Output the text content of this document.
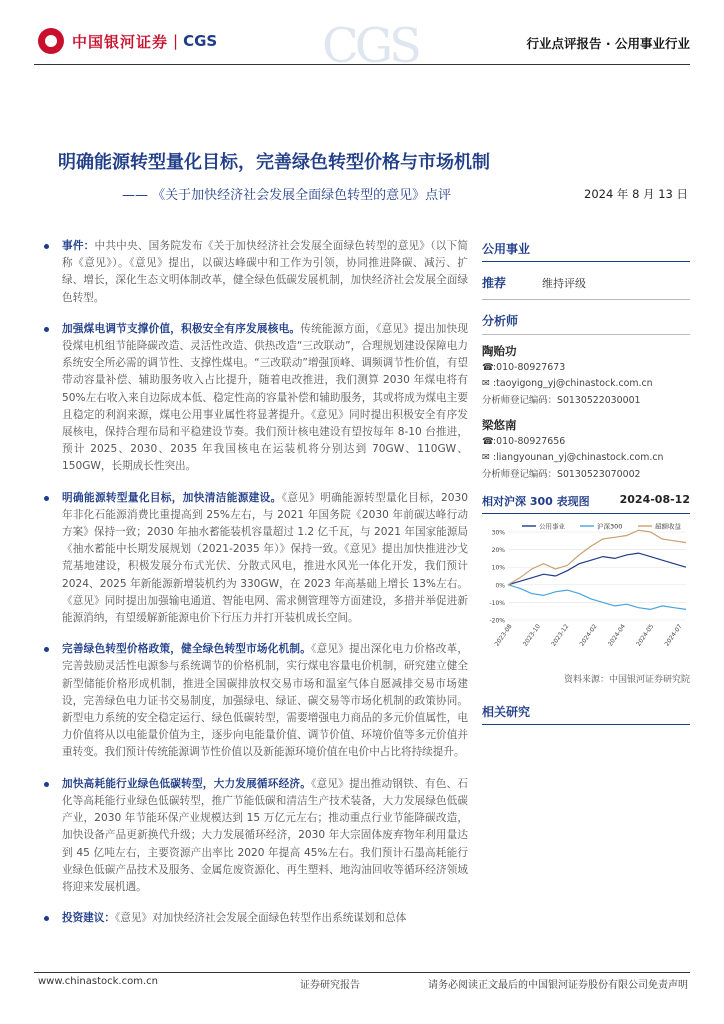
中国银河证券 | CGS CGS	行业点评报告 · 公用事业行业
明确能源转型量化目标，完善绿色转型价格与市场机制
—— 《关于加快经济社会发展全面绿色转型的意见》点评	2024 年 8 月 13 日
事件：中共中央、国务院发布《关于加快经济社会发展全面绿色转型的意见》（以下简称《意见》）。《意见》提出，以碳达峰碳中和工作为引领，协同推进降碳、减污、扩绿、增长，深化生态文明体制改革，健全绿色低碳发展机制，加快经济社会发展全面绿色转型。
加强煤电调节支撑价值，积极安全有序发展核电。传统能源方面，《意见》提出加快现役煤电机组节能降碳改造、灵活性改造、供热改造“三改联动”，合理规划建设保障电力系统安全所必需的调节性、支撑性煤电。“三改联动”增强顶峰、调频调节性价值，有望带动容量补偿、辅助服务收入占比提升，随着电改推进，我们测算 2030 年煤电将有 50%左右收入来自边际成本低、稳定性高的容量补偿和辅助服务，其或将成为煤电主要且稳定的利润来源，煤电公用事业属性将显著提升。《意见》同时提出积极安全有序发展核电，保持合理布局和平稳建设节奏。我们预计核电建设有望按每年 8-10 台推进，预计 2025、2030、2035 年我国核电在运装机将分别达到 70GW、110GW、150GW，长期成长性突出。
明确能源转型量化目标，加快清洁能源建设。《意见》明确能源转型量化目标，2030 年非化石能源消费比重提高到 25%左右，与 2021 年国务院《2030 年前碳达峰行动方案》保持一致；2030 年抽水蓄能装机容量超过 1.2 亿千瓦，与 2021 年国家能源局《抽水蓄能中长期发展规划（2021-2035 年）》保持一致。《意见》提出加快推进沙戈荒基地建设，积极发展分布式光伏、分散式风电，推进水风光一体化开发，我们预计 2024、2025 年新能源新增装机约为 330GW，在 2023 年高基础上增长 13%左右。《意见》同时提出加强输电通道、智能电网、需求侧管理等方面建设，多措并举促进新能源消纳，有望缓解新能源电价下行压力并打开装机成长空间。
完善绿色转型价格政策，健全绿色转型市场化机制。《意见》提出深化电力价格改革，完善鼓励灵活性电源参与系统调节的价格机制，实行煤电容量电价机制，研究建立健全新型储能价格形成机制，推进全国碳排放权交易市场和温室气体自愿减排交易市场建设，完善绿色电力证书交易制度，加强绿电、绿证、碳交易等市场化机制的政策协同。新型电力系统的安全稳定运行、绿色低碳转型，需要增强电力商品的多元价值属性，电力价值将从以电能量价值为主，逐步向电能量价值、调节价值、环境价值等多元价值并重转变。我们预计传统能源调节性价值以及新能源环境价值在电价中占比将持续提升。
加快高耗能行业绿色低碳转型，大力发展循环经济。《意见》提出推动钢铁、有色、石化等高耗能行业绿色低碳转型，推广节能低碳和清洁生产技术装备，大力发展绿色低碳产业，2030 年节能环保产业规模达到 15 万亿元左右；推动重点行业节能降碳改造，加快设备产品更新换代升级；大力发展循环经济，2030 年大宗固体废弃物年利用量达到 45 亿吨左右，主要资源产出率比 2020 年提高 45%左右。我们预计石墨高耗能行业绿色低碳产品技术及服务、金属危废资源化、再生塑料、地沟油回收等循环经济领域将迎来发展机遇。
投资建议：《意见》对加快经济社会发展全面绿色转型作出系统谋划和总体
公用事业
推荐	维持评级
分析师
陶贻功
☎:010-80927673
✉ :taoyigong_yj@chinastock.com.cn
分析师登记编码：S0130522030001
梁悠南
☎:010-80927656
✉ :liangyounan_yj@chinastock.com.cn
分析师登记编码：S0130523070002
相对沪深 300 表现图	2024-08-12
30%
20%
10%
0%
-10%
-20%
公用事业	沪深300	超额收益
2023-08 2023-10 2023-12 2024-02 2024-04 2024-05 2024-07
资料来源：中国银河证券研究院
相关研究
www.chinastock.com.cn	证券研究报告	请务必阅读正文最后的中国银河证券股份有限公司免责声明
